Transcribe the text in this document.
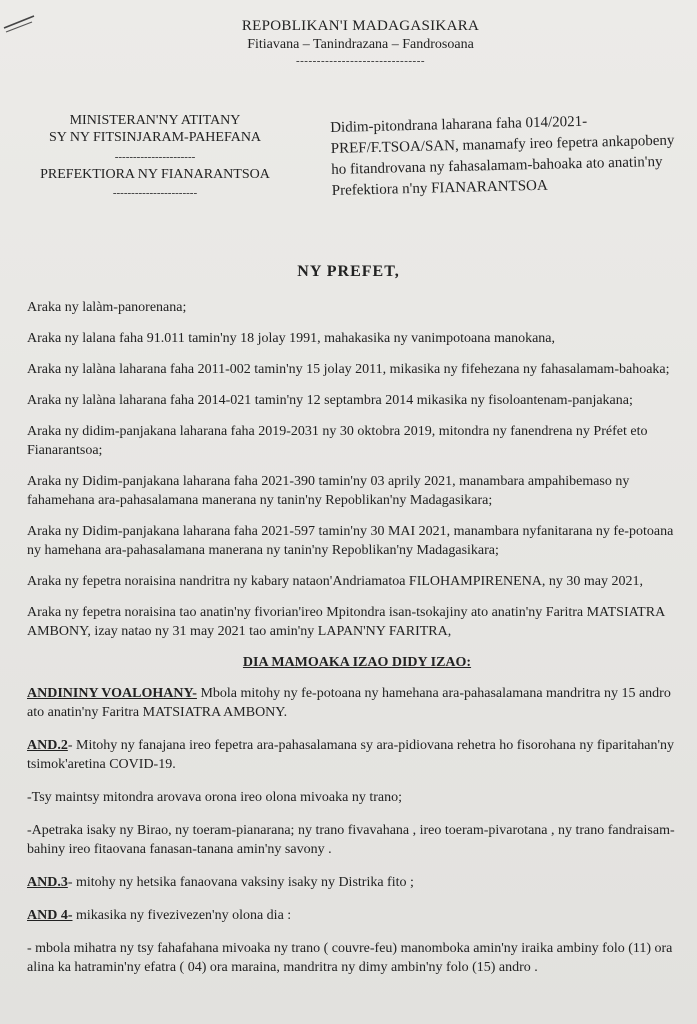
REPOBLIKAN'I MADAGASIKARA
Fitiavana – Tanindrazana – Fandrosoana
-------------------------------
MINISTERAN'NY ATITANY
SY NY FITSINJARAM-PAHEFANA
----------------------
PREFEKTIORA NY FIANARANTSOA
-----------------------
Didim-pitondrana laharana faha 014/2021-PREF/F.TSOA/SAN, manamafy ireo fepetra ankapobeny ho fitandrovana ny fahasalamam-bahoaka ato anatin'ny Prefektiora n'ny FIANARANTSOA
NY PREFET,

Araka ny lalàm-panorenana;

Araka ny lalana faha 91.011 tamin'ny 18 jolay 1991, mahakasika ny vanimpotoana manokana,

Araka ny lalàna laharana faha 2011-002 tamin'ny 15 jolay 2011, mikasika ny fifehezana ny fahasalamam-bahoaka;

Araka ny lalàna laharana faha 2014-021 tamin'ny 12 septambra 2014 mikasika ny fisoloantenam-panjakana;

Araka ny didim-panjakana laharana faha 2019-2031 ny 30 oktobra 2019, mitondra ny fanendrena ny Préfet eto Fianarantsoa;

Araka ny Didim-panjakana laharana faha 2021-390 tamin'ny 03 aprily 2021, manambara ampahibemaso ny fahamehana ara-pahasalamana manerana ny tanin'ny Repoblikan'ny Madagasikara;

Araka ny Didim-panjakana laharana faha 2021-597 tamin'ny 30 MAI 2021, manambara nyfanitarana ny fe-potoana ny hamehana ara-pahasalamana manerana ny tanin'ny Repoblikan'ny Madagasikara;

Araka ny fepetra noraisina nandritra ny kabary nataon'Andriamatoa FILOHAMPIRENENA, ny 30 may 2021,

Araka ny fepetra noraisina tao anatin'ny fivorian'ireo Mpitondra isan-tsokajiny ato anatin'ny Faritra MATSIATRA AMBONY, izay natao ny 31 may 2021 tao amin'ny LAPAN'NY FARITRA,

DIA MAMOAKA IZAO DIDY IZAO:

ANDININY VOALOHANY- Mbola mitohy ny fe-potoana ny hamehana ara-pahasalamana mandritra ny 15 andro ato anatin'ny Faritra MATSIATRA AMBONY.

AND.2- Mitohy ny fanajana ireo fepetra ara-pahasalamana sy ara-pidiovana rehetra ho fisorohana ny fiparitahan'ny tsimok'aretina COVID-19.

-Tsy maintsy mitondra arovava orona ireo olona mivoaka ny trano;

-Apetraka isaky ny Birao, ny toeram-pianarana; ny trano fivavahana , ireo toeram-pivarotana , ny trano fandraisam-bahiny ireo fitaovana fanasan-tanana amin'ny savony .

AND.3- mitohy ny hetsika fanaovana vaksiny isaky ny Distrika fito ;

AND 4- mikasika ny fivezivezen'ny olona dia :

- mbola mihatra ny tsy fahafahana mivoaka ny trano ( couvre-feu) manomboka amin'ny iraika ambiny folo (11) ora alina ka hatramin'ny efatra ( 04) ora maraina, mandritra ny dimy ambin'ny folo (15) andro .
